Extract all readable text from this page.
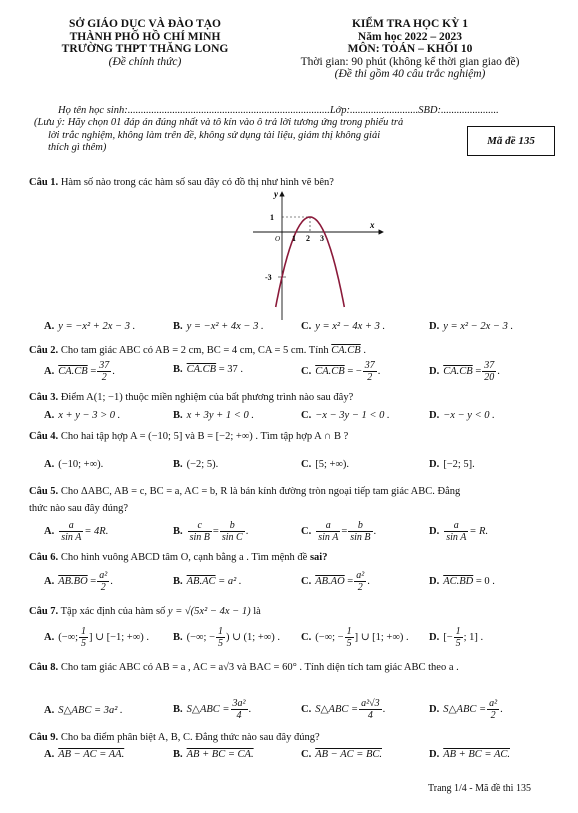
SỞ GIÁO DỤC VÀ ĐÀO TẠO
THÀNH PHỐ HỒ CHÍ MINH
TRƯỜNG THPT THĂNG LONG
(Đề chính thức)
KIỂM TRA HỌC KỲ 1
Năm học 2022 – 2023
MÔN: TOÁN – KHỐI 10
Thời gian: 90 phút (không kể thời gian giao đề)
(Đề thi gồm 40 câu trắc nghiệm)
Họ tên học sinh:.............................................................................Lớp:..........................SBD:......................
(Lưu ý: Hãy chọn 01 đáp án đúng nhất và tô kín vào ô trả lời tương ứng trong phiếu trả
lời trắc nghiệm, không làm trên đề, không sử dụng tài liệu, giám thị không giải
thích gì thêm)
Mã đề 135
Câu 1. Hàm số nào trong các hàm số sau đây có đồ thị như hình vẽ bên?
y
x
1
-3
O 1 2 3
A. y = −x² + 2x − 3 .	B. y = −x² + 4x − 3 .	C. y = x² − 4x + 3 .	D. y = x² − 2x − 3 .
Câu 2. Cho tam giác ABC có AB = 2 cm, BC = 4 cm, CA = 5 cm. Tính CA.CB .
A. $CA.CB = \frac{37}{2}$ .	B. CA.CB = 37 .	C. CA.CB = − $\frac{37}{2}$ .	D. $CA.CB = \frac{37}{20}$ .
Câu 3. Điểm A(1; −1) thuộc miền nghiệm của bất phương trình nào sau đây?
A. x + y − 3 > 0 .	B. x + 3y + 1 < 0 .	C. −x − 3y − 1 < 0 .	D. −x − y < 0 .
Câu 4. Cho hai tập hợp A = (−10; 5] và B = [−2; +∞) . Tìm tập hợp A ∩ B ?
A. (−10; +∞).	B. (−2; 5).	C. [5; +∞).	D. [−2; 5].
Câu 5. Cho ΔABC, AB = c, BC = a, AC = b, R là bán kính đường tròn ngoại tiếp tam giác ABC. Đẳng
thức nào sau đây đúng?
A. $\frac{a}{\text{sin A}} = 4R$.	B. $\frac{c}{\text{sin B}} = \frac{b}{\text{sin C}}$ .	C. $\frac{a}{\text{sin A}} = \frac{b}{\text{sin B}}$ .	D. $\frac{a}{\text{sin A}} = R$.
Câu 6. Cho hình vuông ABCD tâm O, cạnh bằng a . Tìm mệnh đề sai?
A. $AB.BO = \frac{\text{a²}}{2}$ .	B. AB.AC = a² .	C. $AB.AO = \frac{\text{a²}}{2}$ .	D. AC.BD = 0 .
Câu 7. Tập xác định của hàm số y = √(5x² − 4x − 1) là
A. (−∞; $\frac{1}{5}$ ] ∪ [−1; +∞) . B. (−∞; − $\frac{1}{5}$ ) ∪ (1; +∞) . C. (−∞; − $\frac{1}{5}$ ] ∪ [1; +∞) . D. [− $\frac{1}{5}$ ; 1] .
Câu 8. Cho tam giác ABC có AB = a , AC = a√3 và BAC = 60° . Tính diện tích tam giác ABC theo a .
A. S△ABC = 3a² .	B. S△ABC = $\frac{\text{3a²}}{4}$ .	C. S△ABC = $\frac{\text{a²√3}}{4}$ .	D. S△ABC = $\frac{\text{a²}}{2}$ .
Câu 9. Cho ba điểm phân biệt A, B, C. Đẳng thức nào sau đây đúng?
A. AB − AC = AA.	B. AB + BC = CA.	C. AB − AC = BC.	D. AB + BC = AC.
Trang 1/4 - Mã đề thi 135
